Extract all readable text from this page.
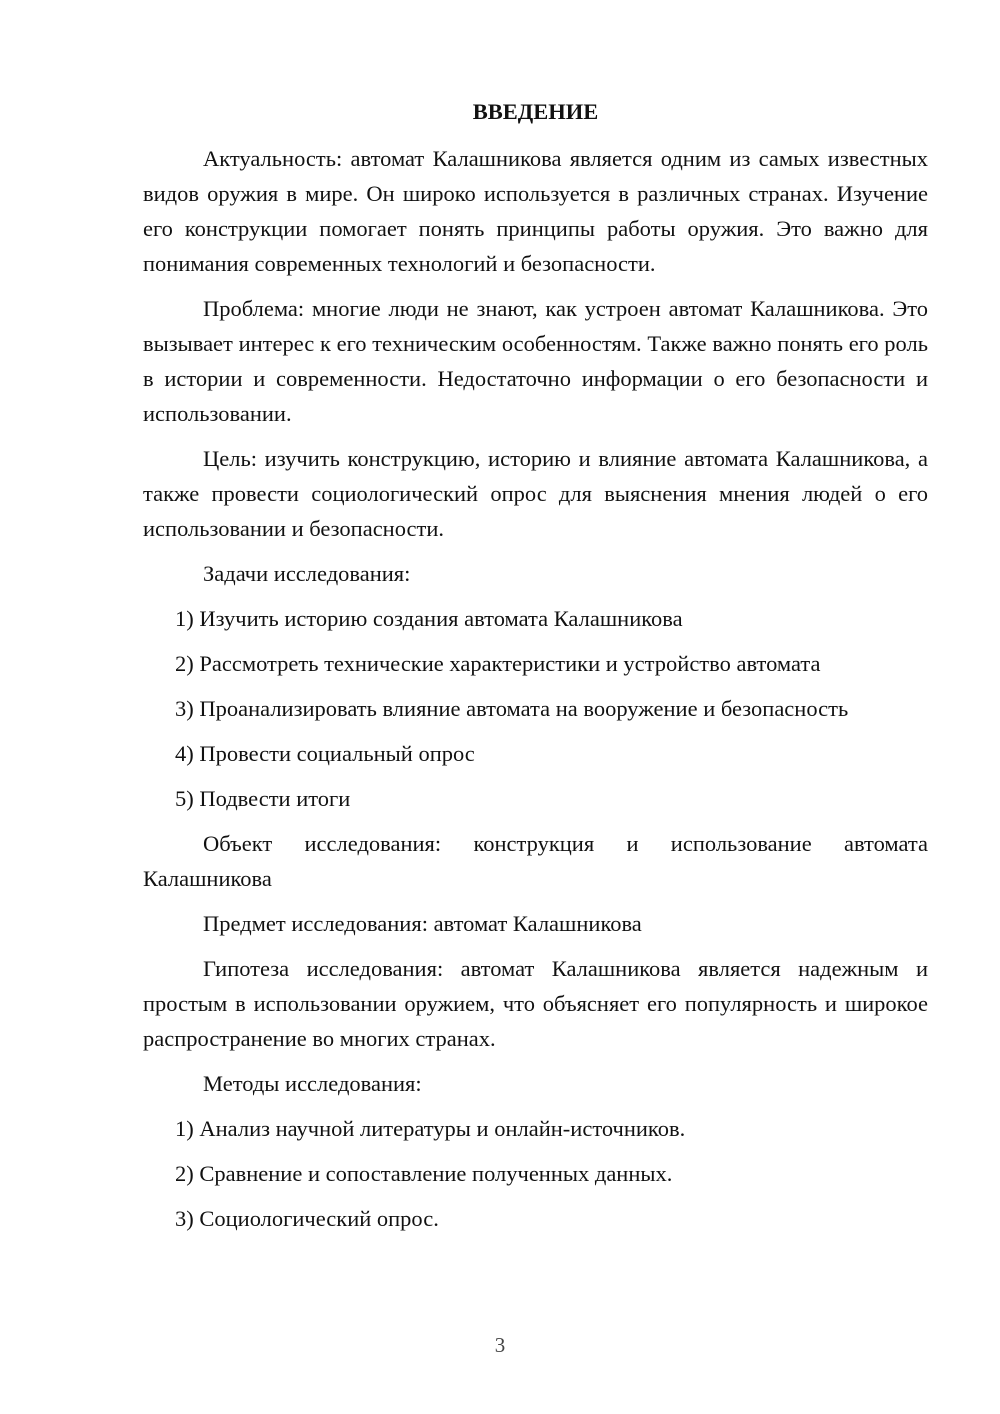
ВВЕДЕНИЕ

Актуальность: автомат Калашникова является одним из самых известных видов оружия в мире. Он широко используется в различных странах. Изучение его конструкции помогает понять принципы работы оружия. Это важно для понимания современных технологий и безопасности.

Проблема: многие люди не знают, как устроен автомат Калашникова. Это вызывает интерес к его техническим особенностям. Также важно понять его роль в истории и современности. Недостаточно информации о его безопасности и использовании.

Цель: изучить конструкцию, историю и влияние автомата Калашникова, а также провести социологический опрос для выяснения мнения людей о его использовании и безопасности.

Задачи исследования:

1) Изучить историю создания автомата Калашникова
2) Рассмотреть технические характеристики и устройство автомата
3) Проанализировать влияние автомата на вооружение и безопасность
4) Провести социальный опрос
5) Подвести итоги

Объект исследования: конструкция и использование автомата Калашникова

Предмет исследования: автомат Калашникова

Гипотеза исследования: автомат Калашникова является надежным и простым в использовании оружием, что объясняет его популярность и широкое распространение во многих странах.

Методы исследования:

1) Анализ научной литературы и онлайн-источников.
2) Сравнение и сопоставление полученных данных.
3) Социологический опрос.
3
